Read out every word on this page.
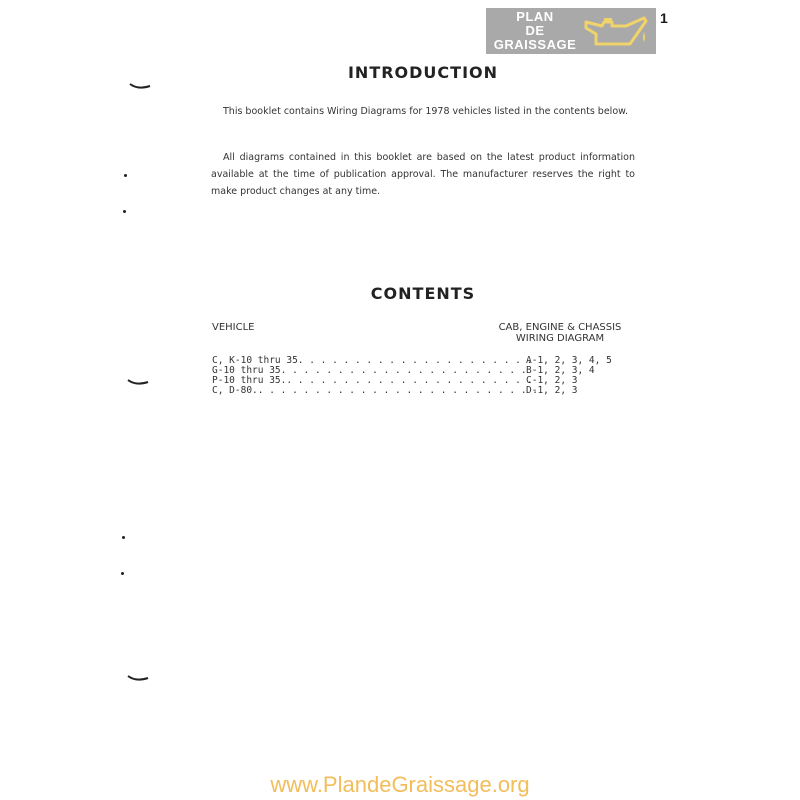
PLAN
DE
GRAISSAGE
1
INTRODUCTION

This booklet contains Wiring Diagrams for 1978 vehicles listed in the contents below.

All diagrams contained in this booklet are based on the latest product information available at the time of publication approval. The manufacturer reserves the right to make product changes at any time.

CONTENTS
VEHICLE	CAB, ENGINE & CHASSIS
WIRING DIAGRAM
C, K-10 thru 35 . . . . . . . . . . . . . . . . . . . . .
A-1, 2, 3, 4, 5
G-10 thru 35 . . . . . . . . . . . . . . . . . . . . . . B-1, 2, 3, 4
P-10 thru 35. . . . . . . . . . . . . . . . . . . . . . .
C-1, 2, 3
C, D-80. . . . . . . . . . . . . . . . . . . . . . . . . .
D-1, 2, 3
www.PlandeGraissage.org
